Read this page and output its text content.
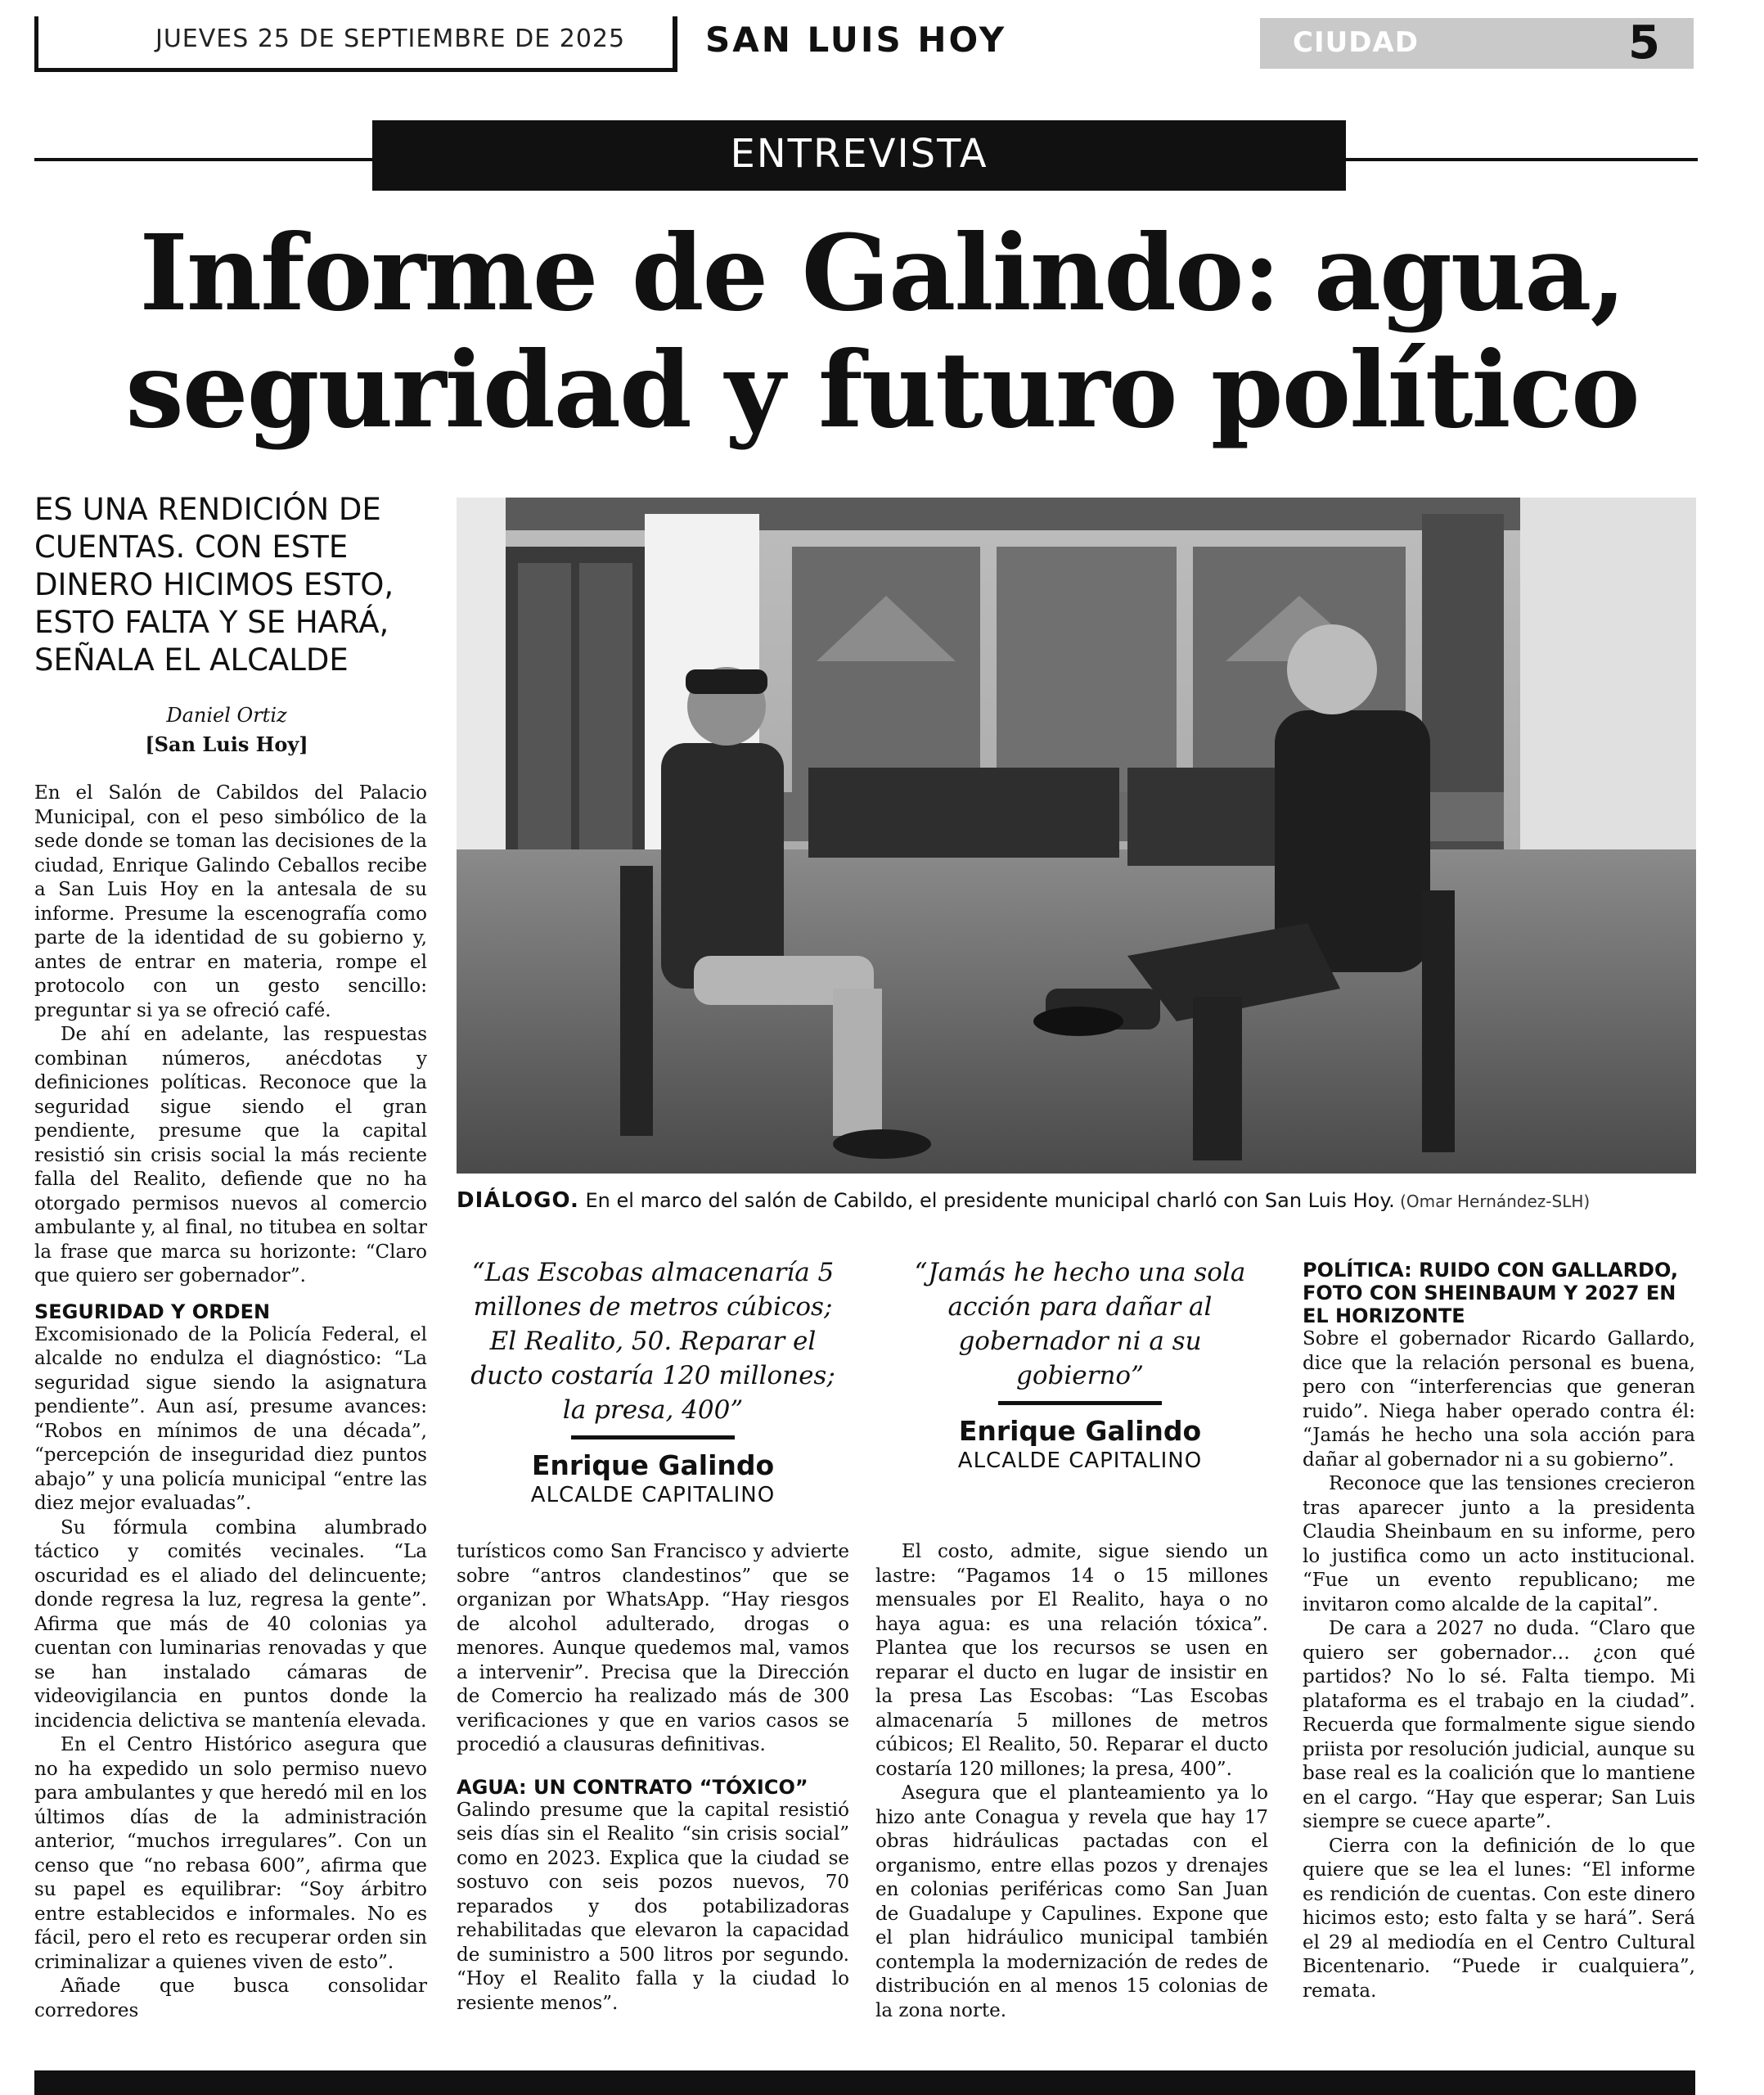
JUEVES 25 DE SEPTIEMBRE DE 2025 SAN LUIS HOY	CIUDAD	5
ENTREVISTA
Informe de Galindo: agua,
seguridad y futuro político
ES UNA RENDICIÓN DE CUENTAS. CON ESTE DINERO HICIMOS ESTO, ESTO FALTA Y SE HARÁ, SEÑALA EL ALCALDE
Daniel Ortiz
[San Luis Hoy]
DIÁLOGO. En el marco del salón de Cabildo, el presidente municipal charló con San Luis Hoy. (Omar Hernández-SLH)

En el Salón de Cabildos del Palacio Municipal, con el peso simbólico de la sede donde se toman las decisiones de la ciudad, Enrique Galindo Ceballos recibe a San Luis Hoy en la antesala de su informe. Presume la escenografía como parte de la identidad de su gobierno y, antes de entrar en materia, rompe el protocolo con un gesto sencillo: preguntar si ya se ofreció café.

De ahí en adelante, las respuestas combinan números, anécdotas y definiciones políticas. Reconoce que la seguridad sigue siendo el gran pendiente, presume que la capital resistió sin crisis social la más reciente falla del Realito, defiende que no ha otorgado permisos nuevos al comercio ambulante y, al final, no titubea en soltar la frase que marca su horizonte: “Claro que quiero ser gobernador”.

SEGURIDAD Y ORDEN

Excomisionado de la Policía Federal, el alcalde no endulza el diagnóstico: “La seguridad sigue siendo la asignatura pendiente”. Aun así, presume avances: “Robos en mínimos de una década”, “percepción de inseguridad diez puntos abajo” y una policía municipal “entre las diez mejor evaluadas”.

Su fórmula combina alumbrado táctico y comités vecinales. “La oscuridad es el aliado del delincuente; donde regresa la luz, regresa la gente”. Afirma que más de 40 colonias ya cuentan con luminarias renovadas y que se han instalado cámaras de videovigilancia en puntos donde la incidencia delictiva se mantenía elevada.

En el Centro Histórico asegura que no ha expedido un solo permiso nuevo para ambulantes y que heredó mil en los últimos días de la administración anterior, “muchos irregulares”. Con un censo que “no rebasa 600”, afirma que su papel es equilibrar: “Soy árbitro entre establecidos e informales. No es fácil, pero el reto es recuperar orden sin criminalizar a quienes viven de esto”.

Añade que busca consolidar corredores

“Las Escobas almacenaría 5 millones de metros cúbicos; El Realito, 50. Reparar el ducto costaría 120 millones; la presa, 400”
Enrique Galindo
ALCALDE CAPITALINO
“Jamás he hecho una sola acción para dañar al gobernador ni a su gobierno”
Enrique Galindo
ALCALDE CAPITALINO

turísticos como San Francisco y advierte sobre “antros clandestinos” que se organizan por WhatsApp. “Hay riesgos de alcohol adulterado, drogas o menores. Aunque quedemos mal, vamos a intervenir”. Precisa que la Dirección de Comercio ha realizado más de 300 verificaciones y que en varios casos se procedió a clausuras definitivas.

AGUA: UN CONTRATO “TÓXICO”

Galindo presume que la capital resistió seis días sin el Realito “sin crisis social” como en 2023. Explica que la ciudad se sostuvo con seis pozos nuevos, 70 reparados y dos potabilizadoras rehabilitadas que elevaron la capacidad de suministro a 500 litros por segundo. “Hoy el Realito falla y la ciudad lo resiente menos”.

El costo, admite, sigue siendo un lastre: “Pagamos 14 o 15 millones mensuales por El Realito, haya o no haya agua: es una relación tóxica”. Plantea que los recursos se usen en reparar el ducto en lugar de insistir en la presa Las Escobas: “Las Escobas almacenaría 5 millones de metros cúbicos; El Realito, 50. Reparar el ducto costaría 120 millones; la presa, 400”.

Asegura que el planteamiento ya lo hizo ante Conagua y revela que hay 17 obras hidráulicas pactadas con el organismo, entre ellas pozos y drenajes en colonias periféricas como San Juan de Guadalupe y Capulines. Expone que el plan hidráulico municipal también contempla la modernización de redes de distribución en al menos 15 colonias de la zona norte.

POLÍTICA: RUIDO CON GALLARDO, FOTO CON SHEINBAUM Y 2027 EN EL HORIZONTE

Sobre el gobernador Ricardo Gallardo, dice que la relación personal es buena, pero con “interferencias que generan ruido”. Niega haber operado contra él: “Jamás he hecho una sola acción para dañar al gobernador ni a su gobierno”.

Reconoce que las tensiones crecieron tras aparecer junto a la presidenta Claudia Sheinbaum en su informe, pero lo justifica como un acto institucional. “Fue un evento republicano; me invitaron como alcalde de la capital”.

De cara a 2027 no duda. “Claro que quiero ser gobernador… ¿con qué partidos? No lo sé. Falta tiempo. Mi plataforma es el trabajo en la ciudad”. Recuerda que formalmente sigue siendo priista por resolución judicial, aunque su base real es la coalición que lo mantiene en el cargo. “Hay que esperar; San Luis siempre se cuece aparte”.

Cierra con la definición de lo que quiere que se lea el lunes: “El informe es rendición de cuentas. Con este dinero hicimos esto; esto falta y se hará”. Será el 29 al mediodía en el Centro Cultural Bicentenario. “Puede ir cualquiera”, remata.
